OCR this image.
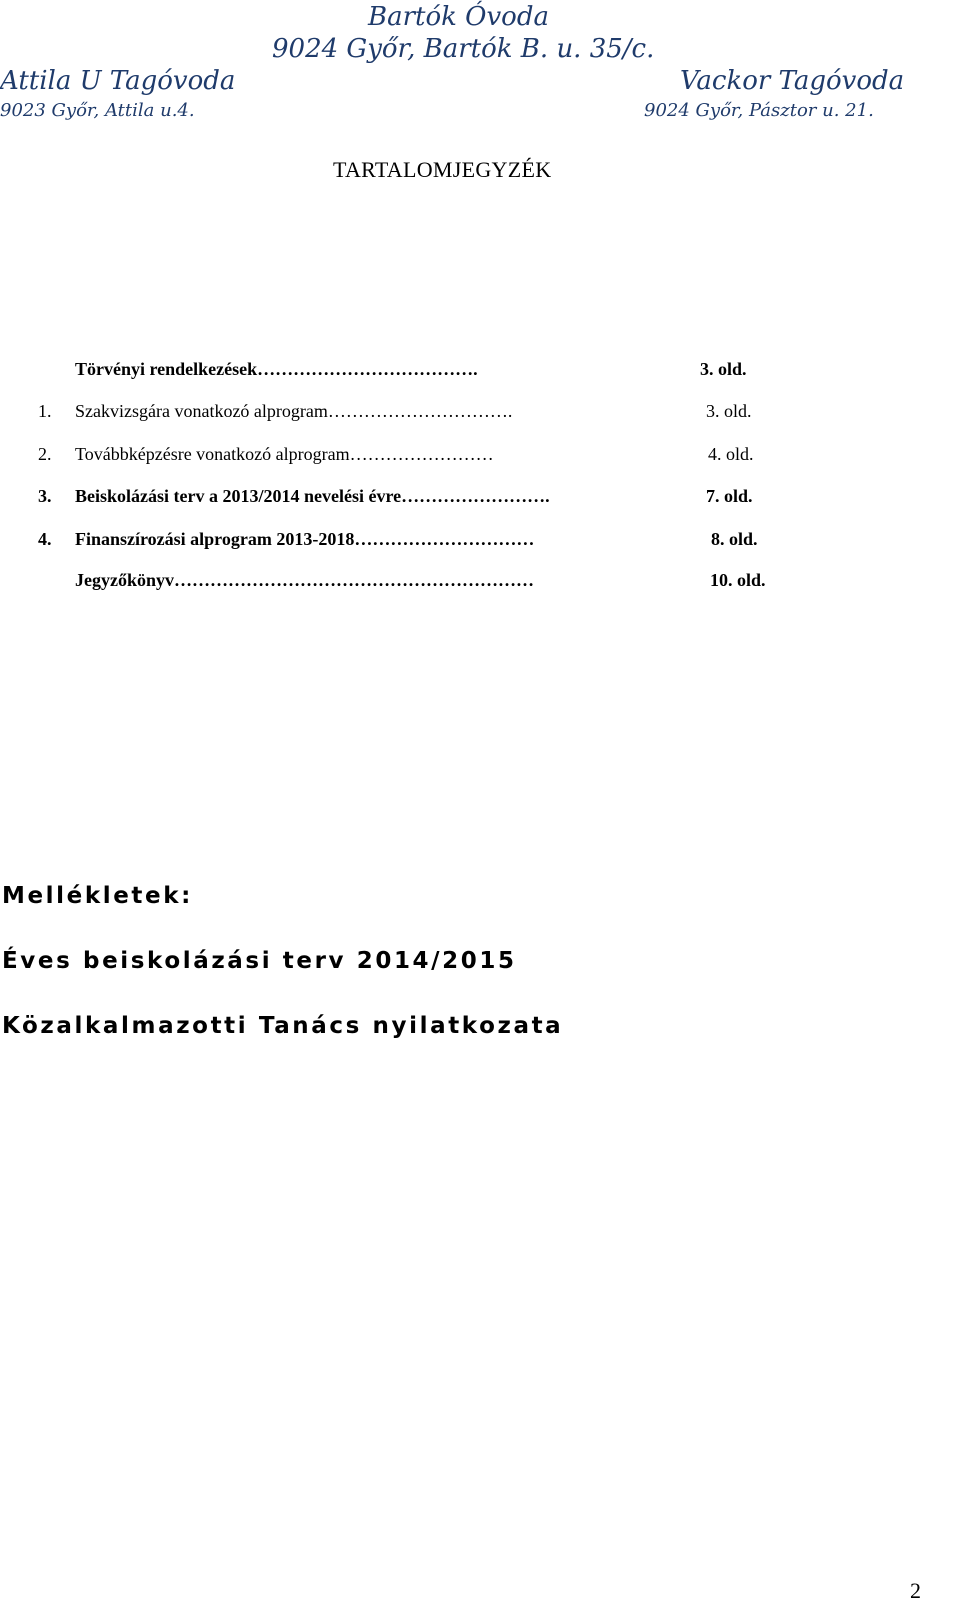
Bartók Óvoda
9024 Győr, Bartók B. u. 35/c.
Attila U Tagóvoda
9023 Győr, Attila u.4.
Vackor Tagóvoda
9024 Győr, Pásztor u. 21.
TARTALOMJEGYZÉK
Törvényi rendelkezések……………………………….	3. old.
1.	Szakvizsgára vonatkozó alprogram………………………….	3. old.
2.	Továbbképzésre vonatkozó alprogram……………………	4. old.
3.	Beiskolázási terv a 2013/2014 nevelési évre…………………….	7. old.
4.	Finanszírozási alprogram 2013-2018…………………………	8. old.
Jegyzőkönyv……………………………………………………	10. old.
Mellékletek:
Éves beiskolázási terv 2014/2015
Közalkalmazotti Tanács nyilatkozata
2
